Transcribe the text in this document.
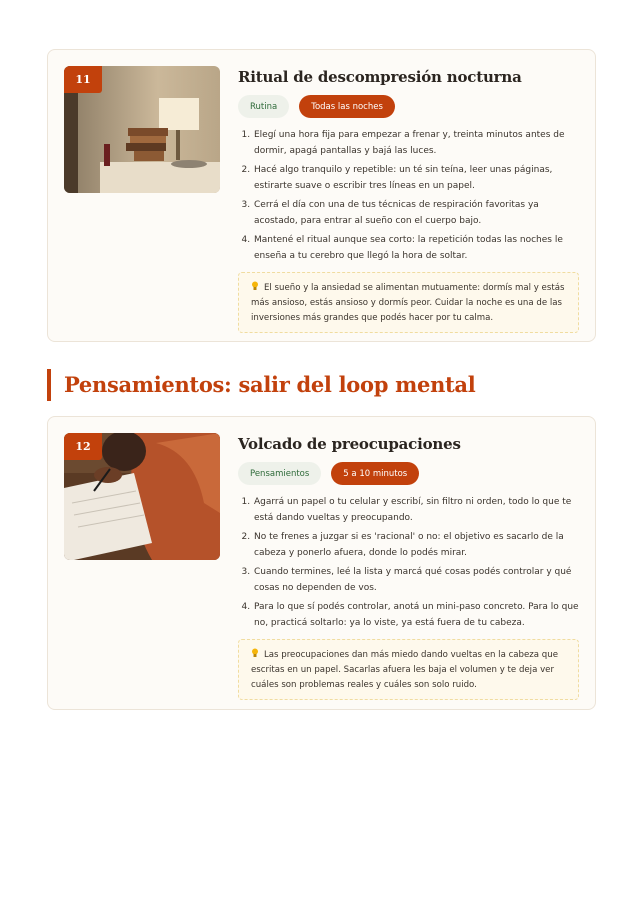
11	Ritual de descompresión nocturna
Rutina	Todas las noches
1. Elegí una hora fija para empezar a frenar y, treinta minutos antes de dormir, apagá pantallas y bajá las luces.
2. Hacé algo tranquilo y repetible: un té sin teína, leer unas páginas, estirarte suave o escribir tres líneas en un papel.
3. Cerrá el día con una de tus técnicas de respiración favoritas ya acostado, para entrar al sueño con el cuerpo bajo.
4. Mantené el ritual aunque sea corto: la repetición todas las noches le enseña a tu cerebro que llegó la hora de soltar.
El sueño y la ansiedad se alimentan mutuamente: dormís mal y estás más ansioso, estás ansioso y dormís peor. Cuidar la noche es una de las inversiones más grandes que podés hacer por tu calma.
Pensamientos: salir del loop mental
12	Volcado de preocupaciones
Pensamientos	5 a 10 minutos
1. Agarrá un papel o tu celular y escribí, sin filtro ni orden, todo lo que te está dando vueltas y preocupando.
2. No te frenes a juzgar si es 'racional' o no: el objetivo es sacarlo de la cabeza y ponerlo afuera, donde lo podés mirar.
3. Cuando termines, leé la lista y marcá qué cosas podés controlar y qué cosas no dependen de vos.
4. Para lo que sí podés controlar, anotá un mini-paso concreto. Para lo que no, practicá soltarlo: ya lo viste, ya está fuera de tu cabeza.
Las preocupaciones dan más miedo dando vueltas en la cabeza que escritas en un papel. Sacarlas afuera les baja el volumen y te deja ver cuáles son problemas reales y cuáles son solo ruido.
